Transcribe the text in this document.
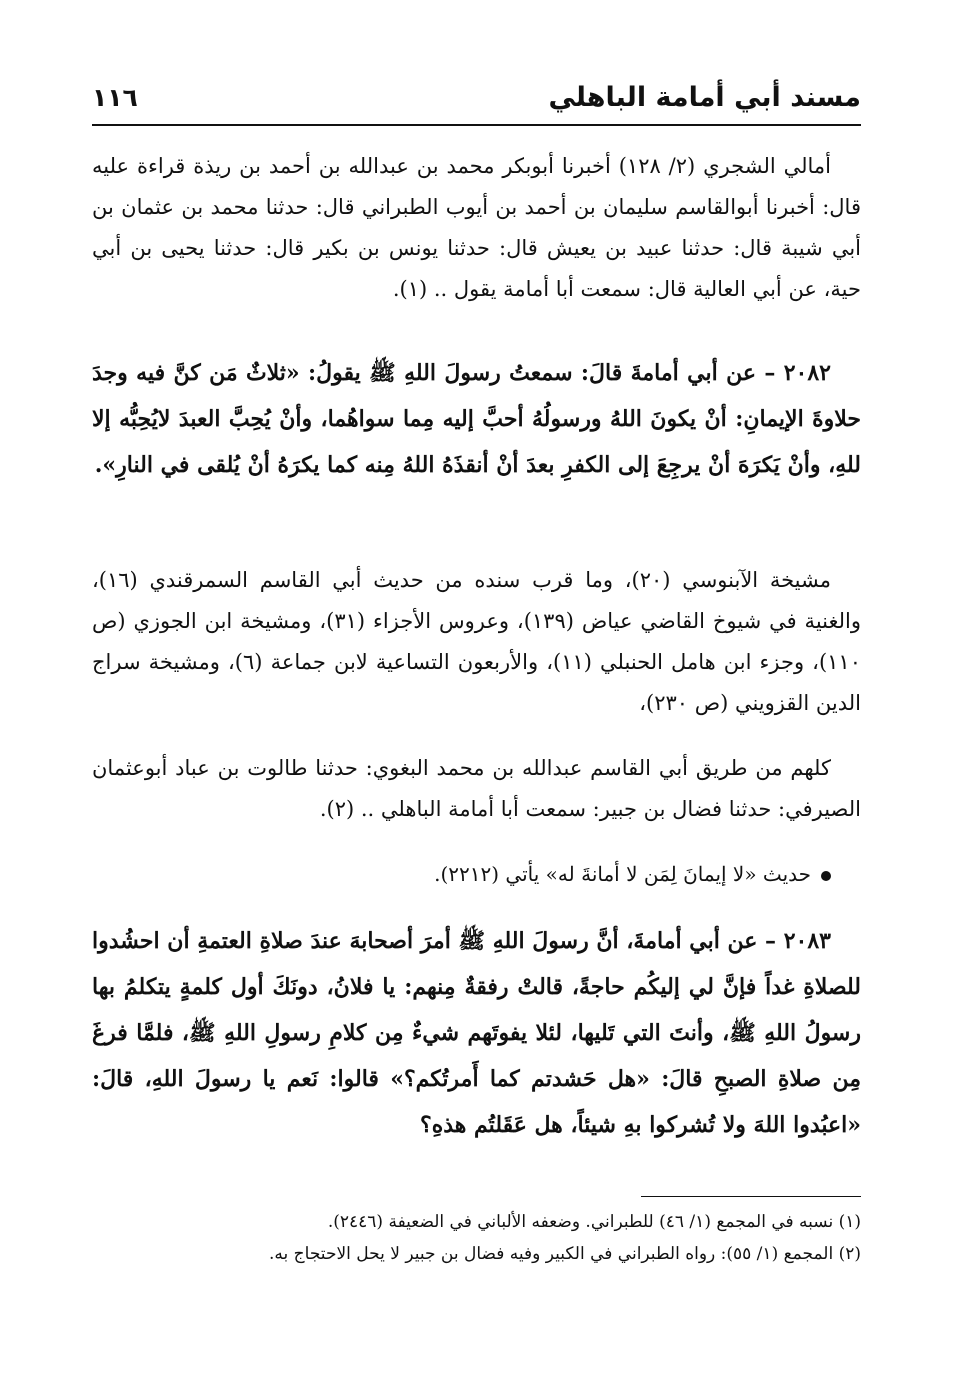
مسند أبي أمامة الباهلي
١١٦

أمالي الشجري (٢/ ١٢٨) أخبرنا أبوبكر محمد بن عبدالله بن أحمد بن ريذة قراءة عليه قال: أخبرنا أبوالقاسم سليمان بن أحمد بن أيوب الطبراني قال: حدثنا محمد بن عثمان بن أبي شيبة قال: حدثنا عبيد بن يعيش قال: حدثنا يونس بن بكير قال: حدثنا يحيى بن أبي حية، عن أبي العالية قال: سمعت أبا أمامة يقول .. (١).

٢٠٨٢ – عن أبي أمامةَ قالَ: سمعتُ رسولَ اللهِ ﷺ يقولُ: «ثلاثٌ مَن كنَّ فيه وجدَ حلاوةَ الإيمانِ: أنْ يكونَ اللهُ ورسولُهُ أحبَّ إليه مِما سواهُما، وأنْ يُحِبَّ العبدَ لايُحِبُّه إلا للهِ، وأنْ يَكرَهَ أنْ يرجِعَ إلى الكفرِ بعدَ أنْ أنقذَهُ اللهُ مِنه كما يكرَهُ أنْ يُلقى في النارِ».

مشيخة الآبنوسي (٢٠)، وما قرب سنده من حديث أبي القاسم السمرقندي (١٦)، والغنية في شيوخ القاضي عياض (١٣٩)، وعروس الأجزاء (٣١)، ومشيخة ابن الجوزي (ص ١١٠)، وجزء ابن هامل الحنبلي (١١)، والأربعون التساعية لابن جماعة (٦)، ومشيخة سراج الدين القزويني (ص ٢٣٠)،

كلهم من طريق أبي القاسم عبدالله بن محمد البغوي: حدثنا طالوت بن عباد أبوعثمان الصيرفي: حدثنا فضال بن جبير: سمعت أبا أمامة الباهلي .. (٢).

حديث «لا إيمانَ لِمَن لا أمانةَ له» يأتي (٢٢١٢).

٢٠٨٣ – عن أبي أمامةَ، أنَّ رسولَ اللهِ ﷺ أمرَ أصحابهَ عندَ صلاةِ العتمةِ أن احشُدوا للصلاةِ غداً فإنَّ لي إليكُم حاجةً، قالتْ رفقةٌ مِنهم: يا فلانُ، دونَكَ أول كلمةٍ يتكلمُ بها رسولُ اللهِ ﷺ، وأنتَ التي تَليها، لئلا يفوتَهم شيءٌ مِن كلامِ رسولِ اللهِ ﷺ، فلمَّا فرغَ مِن صلاةِ الصبحِ قالَ: «هل حَشدتم كما أَمرتُكم؟» قالوا: نَعم يا رسولَ اللهِ، قالَ: «اعبُدوا اللهَ ولا تُشركوا بهِ شيئاً، هل عَقَلتُم هذهِ؟

(١) نسبه في المجمع (١/ ٤٦) للطبراني. وضعفه الألباني في الضعيفة (٢٤٤٦).

(٢) المجمع (١/ ٥٥): رواه الطبراني في الكبير وفيه فضال بن جبير لا يحل الاحتجاج به.
